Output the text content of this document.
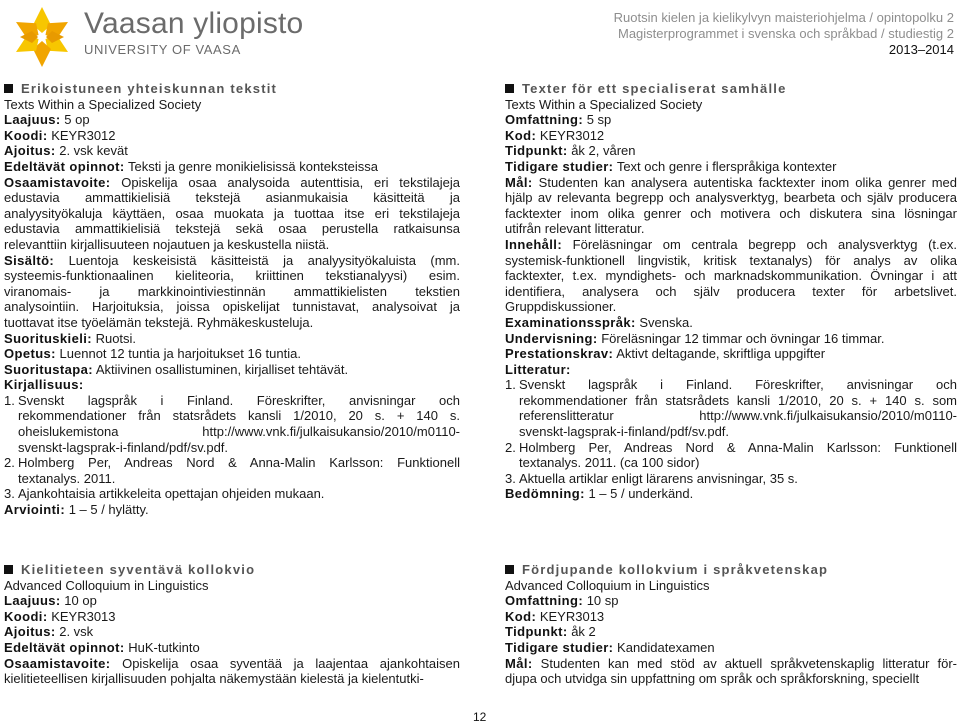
Vaasan yliopisto
UNIVERSITY OF VAASA
Ruotsin kielen ja kielikylvyn maisteriohjelma / opintopolku 2
Magisterprogrammet i svenska och språkbad / studiestig 2
2013–2014
Erikoistuneen yhteiskunnan tekstit

Texts Within a Specialized Society

Laajuus: 5 op

Koodi: KEYR3012

Ajoitus: 2. vsk kevät

Edeltävät opinnot: Teksti ja genre monikielisissä konteksteissa

Osaamistavoite: Opiskelija osaa analysoida autenttisia, eri tekstilajeja

edustavia ammattikielisiä tekstejä asianmukaisia käsitteitä ja

analyysityökaluja käyttäen, osaa muokata ja tuottaa itse eri tekstilajeja

edustavia ammattikielisiä tekstejä sekä osaa perustella ratkaisunsa

relevanttiin kirjallisuuteen nojautuen ja keskustella niistä.

Sisältö: Luentoja keskeisistä käsitteistä ja analyysityökaluista (mm.

systeemis-funktionaalinen kieliteoria, kriittinen tekstianalyysi) esim.

viranomais- ja markkinointiviestinnän ammattikielisten tekstien

analysointiin. Harjoituksia, joissa opiskelijat tunnistavat, analysoivat ja

tuottavat itse työelämän tekstejä. Ryhmäkeskusteluja.

Suorituskieli: Ruotsi.

Opetus: Luennot 12 tuntia ja harjoitukset 16 tuntia.

Suoritustapa: Aktiivinen osallistuminen, kirjalliset tehtävät.

Kirjallisuus:

1. Svenskt lagspråk i Finland. Föreskrifter, anvisningar och

rekommendationer från statsrådets kansli 1/2010, 20 s. + 140 s.

oheislukemistona http://www.vnk.fi/julkaisukansio/2010/m0110-

svenskt-lagsprak-i-finland/pdf/sv.pdf.

2. Holmberg Per, Andreas Nord & Anna-Malin Karlsson: Funktionell

textanalys. 2011.

3. Ajankohtaisia artikkeleita opettajan ohjeiden mukaan.

Arviointi: 1 – 5 / hylätty.

Texter för ett specialiserat samhälle

Texts Within a Specialized Society

Omfattning: 5 sp

Kod: KEYR3012

Tidpunkt: åk 2, våren

Tidigare studier: Text och genre i flerspråkiga kontexter

Mål: Studenten kan analysera autentiska facktexter inom olika genrer med

hjälp av relevanta begrepp och analysverktyg, bearbeta och själv producera

facktexter inom olika genrer och motivera och diskutera sina lösningar

utifrån relevant litteratur.

Innehåll: Föreläsningar om centrala begrepp och analysverktyg (t.ex.

systemisk-funktionell lingvistik, kritisk textanalys) för analys av olika

facktexter, t.ex. myndighets- och marknadskommunikation. Övningar i att

identifiera, analysera och själv producera texter för arbetslivet.

Gruppdiskussioner.

Examinationsspråk: Svenska.

Undervisning: Föreläsningar 12 timmar och övningar 16 timmar.

Prestationskrav: Aktivt deltagande, skriftliga uppgifter

Litteratur:

1. Svenskt lagspråk i Finland. Föreskrifter, anvisningar och

rekommendationer från statsrådets kansli 1/2010, 20 s. + 140 s. som

referenslitteratur http://www.vnk.fi/julkaisukansio/2010/m0110-

svenskt-lagsprak-i-finland/pdf/sv.pdf.

2. Holmberg Per, Andreas Nord & Anna-Malin Karlsson: Funktionell

textanalys. 2011. (ca 100 sidor)

3. Aktuella artiklar enligt lärarens anvisningar, 35 s.

Bedömning: 1 – 5 / underkänd.

Kielitieteen syventävä kollokvio

Advanced Colloquium in Linguistics

Laajuus: 10 op

Koodi: KEYR3013

Ajoitus: 2. vsk

Edeltävät opinnot: HuK-tutkinto

Osaamistavoite: Opiskelija osaa syventää ja laajentaa ajankohtaisen

kielitieteellisen kirjallisuuden pohjalta näkemystään kielestä ja kielentutki-

Fördjupande kollokvium i språkvetenskap

Advanced Colloquium in Linguistics

Omfattning: 10 sp

Kod: KEYR3013

Tidpunkt: åk 2

Tidigare studier: Kandidatexamen

Mål: Studenten kan med stöd av aktuell språkvetenskaplig litteratur för-

djupa och utvidga sin uppfattning om språk och språkforskning, speciellt

12
